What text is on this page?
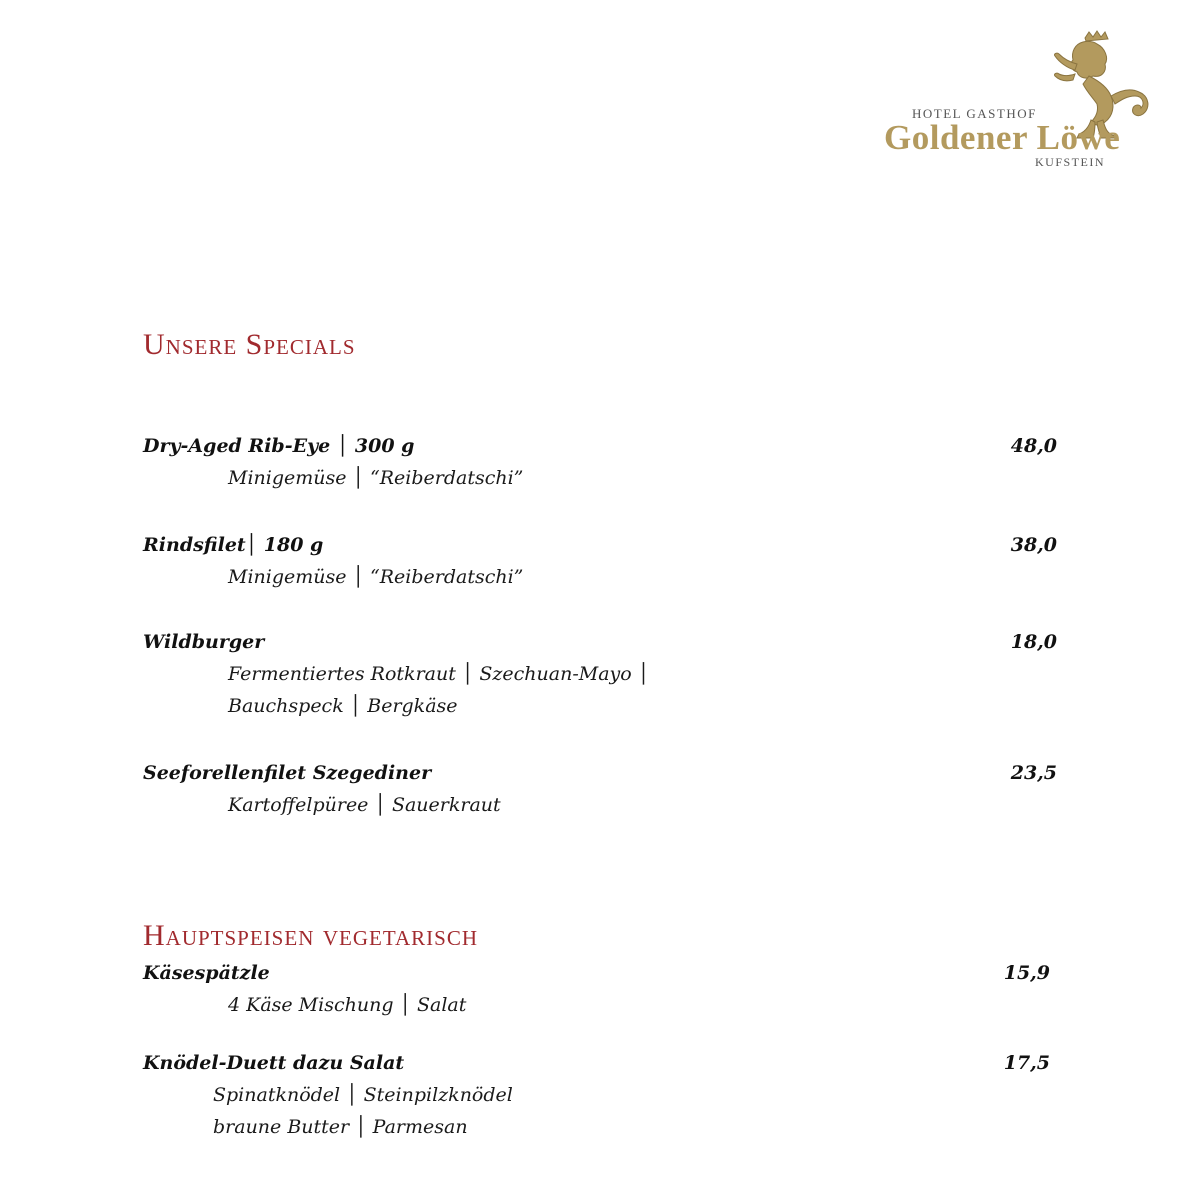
HOTEL GASTHOF
Goldener Löwe
KUFSTEIN
Unsere Specials
Dry-Aged Rib-Eye │ 300 g	48,0
Minigemüse │ “Reiberdatschi”
Rindsfilet│ 180 g	38,0
Minigemüse │ “Reiberdatschi”
Wildburger	18,0
Fermentiertes Rotkraut │ Szechuan-Mayo │
Bauchspeck │ Bergkäse
Seeforellenfilet Szegediner	23,5
Kartoffelpüree │ Sauerkraut
Hauptspeisen vegetarisch
Käsespätzle	15,9
4 Käse Mischung │ Salat
Knödel-Duett dazu Salat	17,5
Spinatknödel │ Steinpilzknödel
braune Butter │ Parmesan
